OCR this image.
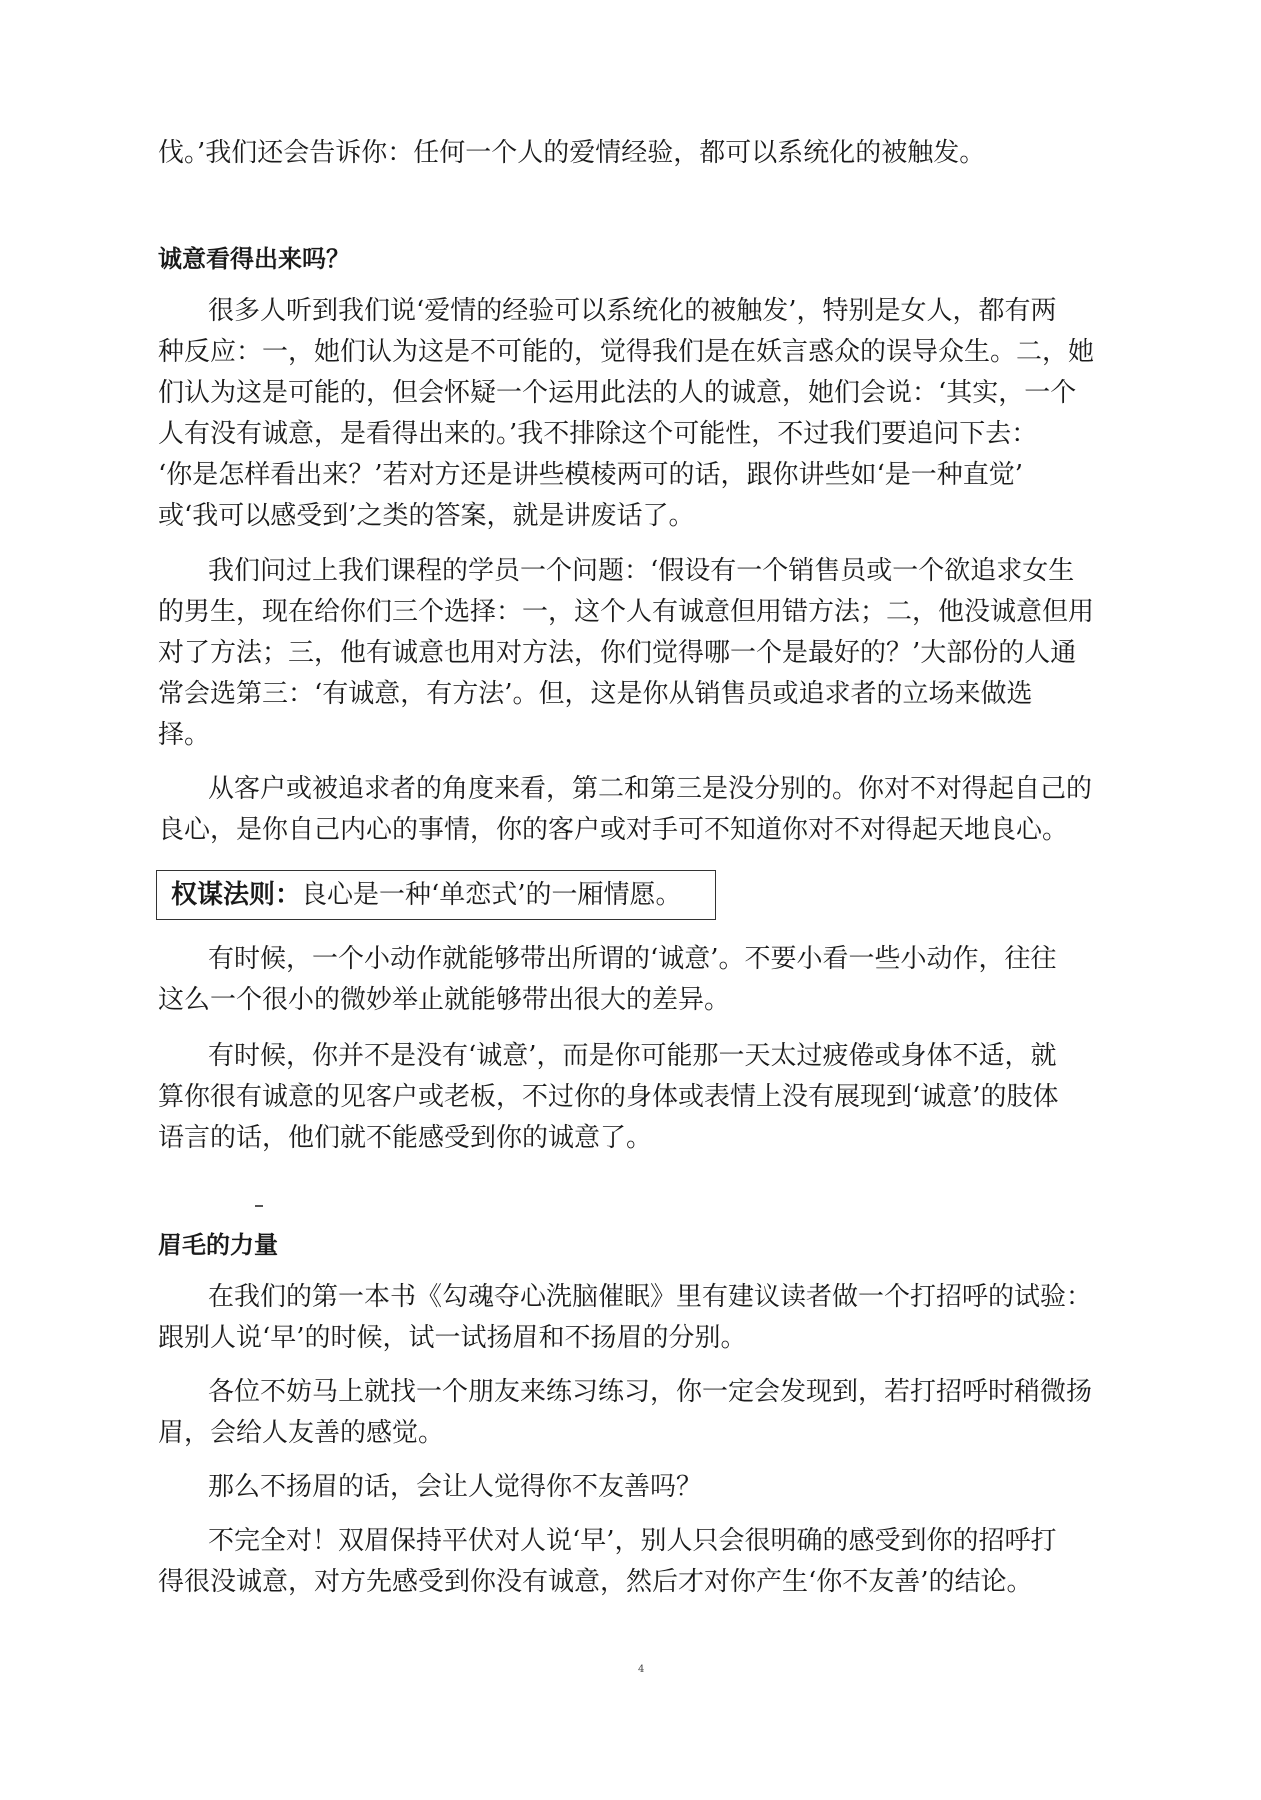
伐。’我们还会告诉你：任何一个人的爱情经验，都可以系统化的被触发。
诚意看得出来吗？
很多人听到我们说‘爱情的经验可以系统化的被触发’，特别是女人，都有两
种反应：一，她们认为这是不可能的，觉得我们是在妖言惑众的误导众生。二，她
们认为这是可能的，但会怀疑一个运用此法的人的诚意，她们会说：‘其实，一个
人有没有诚意，是看得出来的。’我不排除这个可能性，不过我们要追问下去：
‘你是怎样看出来？’若对方还是讲些模棱两可的话，跟你讲些如‘是一种直觉’
或‘我可以感受到’之类的答案，就是讲废话了。
我们问过上我们课程的学员一个问题：‘假设有一个销售员或一个欲追求女生
的男生，现在给你们三个选择：一，这个人有诚意但用错方法；二，他没诚意但用
对了方法；三，他有诚意也用对方法，你们觉得哪一个是最好的？’大部份的人通
常会选第三：‘有诚意，有方法’。但，这是你从销售员或追求者的立场来做选
择。
从客户或被追求者的角度来看，第二和第三是没分别的。你对不对得起自己的
良心，是你自己内心的事情，你的客户或对手可不知道你对不对得起天地良心。
权谋法则：良心是一种‘单恋式’的一厢情愿。
有时候，一个小动作就能够带出所谓的‘诚意’。不要小看一些小动作，往往
这么一个很小的微妙举止就能够带出很大的差异。
有时候，你并不是没有‘诚意’，而是你可能那一天太过疲倦或身体不适，就
算你很有诚意的见客户或老板，不过你的身体或表情上没有展现到‘诚意’的肢体
语言的话，他们就不能感受到你的诚意了。
眉毛的力量
在我们的第一本书《勾魂夺心洗脑催眠》里有建议读者做一个打招呼的试验：
跟别人说‘早’的时候，试一试扬眉和不扬眉的分别。
各位不妨马上就找一个朋友来练习练习，你一定会发现到，若打招呼时稍微扬
眉，会给人友善的感觉。
那么不扬眉的话，会让人觉得你不友善吗？
不完全对！双眉保持平伏对人说‘早’，别人只会很明确的感受到你的招呼打
得很没诚意，对方先感受到你没有诚意，然后才对你产生‘你不友善’的结论。
4
